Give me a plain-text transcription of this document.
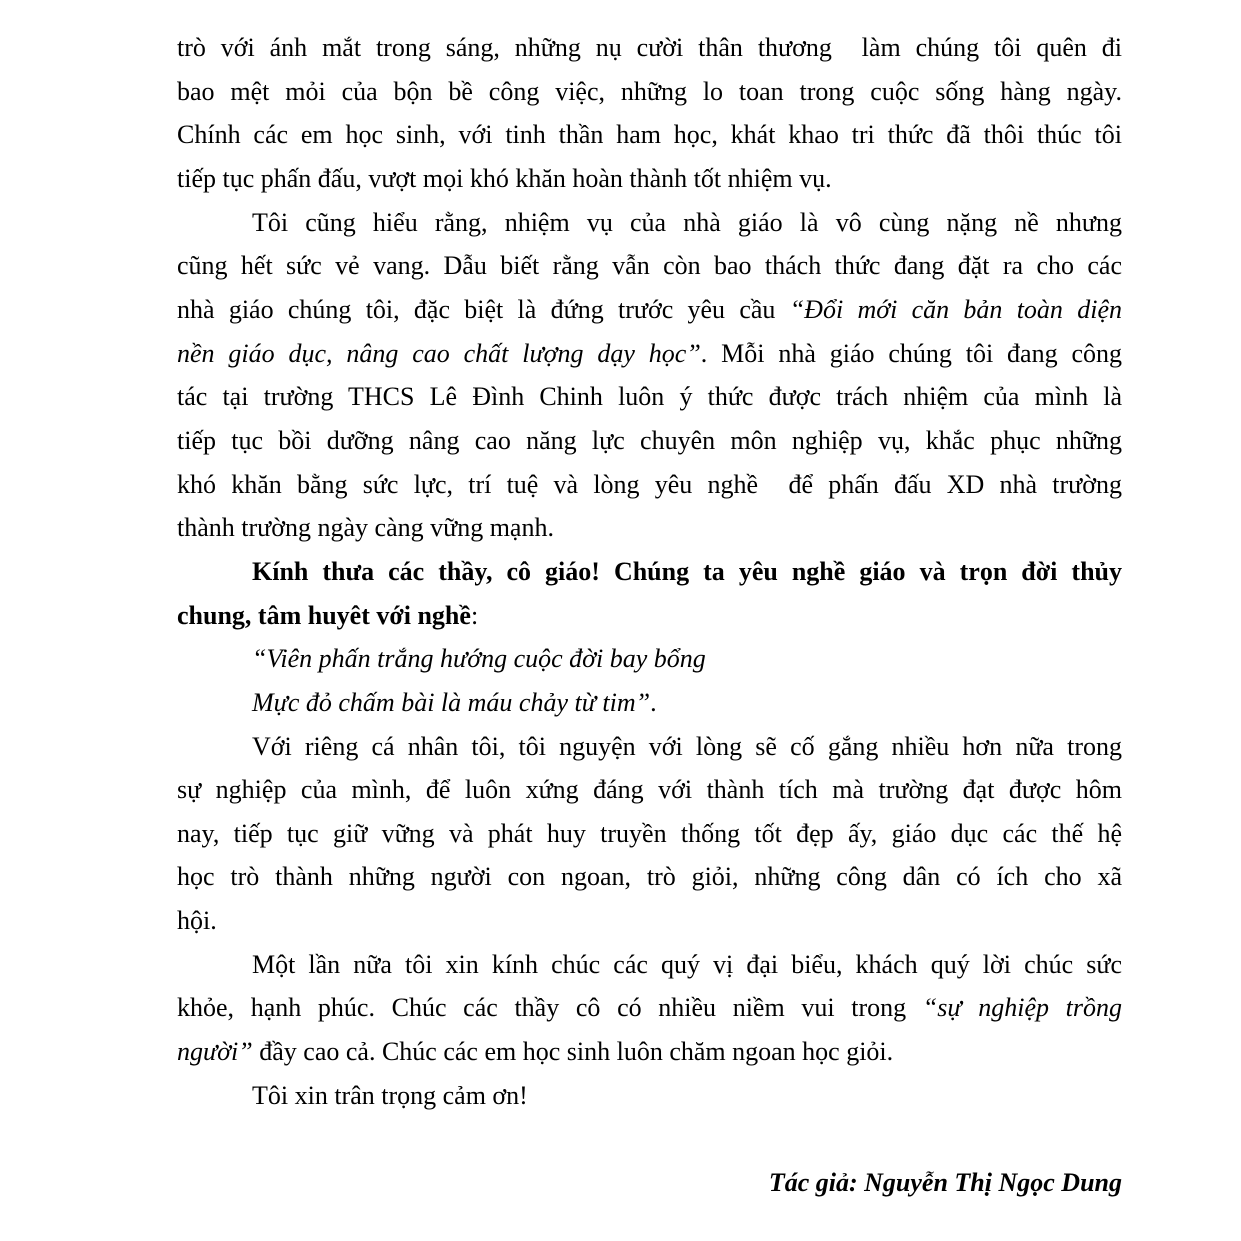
trò với ánh mắt trong sáng, những nụ cười thân thương  làm chúng tôi quên đi
bao mệt mỏi của bộn bề công việc, những lo toan trong cuộc sống hàng ngày.
Chính các em học sinh, với tinh thần ham học, khát khao tri thức đã thôi thúc tôi
tiếp tục phấn đấu, vượt mọi khó khăn hoàn thành tốt nhiệm vụ.
Tôi cũng hiểu rằng, nhiệm vụ của nhà giáo là vô cùng nặng nề nhưng
cũng hết sức vẻ vang. Dẫu biết rằng vẫn còn bao thách thức đang đặt ra cho các
nhà giáo chúng tôi, đặc biệt là đứng trước yêu cầu “Đổi mới căn bản toàn diện
nền giáo dục, nâng cao chất lượng dạy học”. Mỗi nhà giáo chúng tôi đang công
tác tại trường THCS Lê Đình Chinh luôn ý thức được trách nhiệm của mình là
tiếp tục bồi dưỡng nâng cao năng lực chuyên môn nghiệp vụ, khắc phục những
khó khăn bằng sức lực, trí tuệ và lòng yêu nghề  để phấn đấu XD nhà trường
thành trường ngày càng vững mạnh.
Kính thưa các thầy, cô giáo! Chúng ta yêu nghề giáo và trọn đời thủy
chung, tâm huyêt với nghề:
“Viên phấn trắng hướng cuộc đời bay bổng
Mực đỏ chấm bài là máu chảy từ tim”.
Với riêng cá nhân tôi, tôi nguyện với lòng sẽ cố gắng nhiều hơn nữa trong
sự nghiệp của mình, để luôn xứng đáng với thành tích mà trường đạt được hôm
nay, tiếp tục giữ vững và phát huy truyền thống tốt đẹp ấy, giáo dục các thế hệ
học trò thành những người con ngoan, trò giỏi, những công dân có ích cho xã
hội.
Một lần nữa tôi xin kính chúc các quý vị đại biểu, khách quý lời chúc sức
khỏe, hạnh phúc. Chúc các thầy cô có nhiều niềm vui trong “sự nghiệp trồng
người” đầy cao cả. Chúc các em học sinh luôn chăm ngoan học giỏi.
Tôi xin trân trọng cảm ơn!
Tác giả: Nguyễn Thị Ngọc Dung
